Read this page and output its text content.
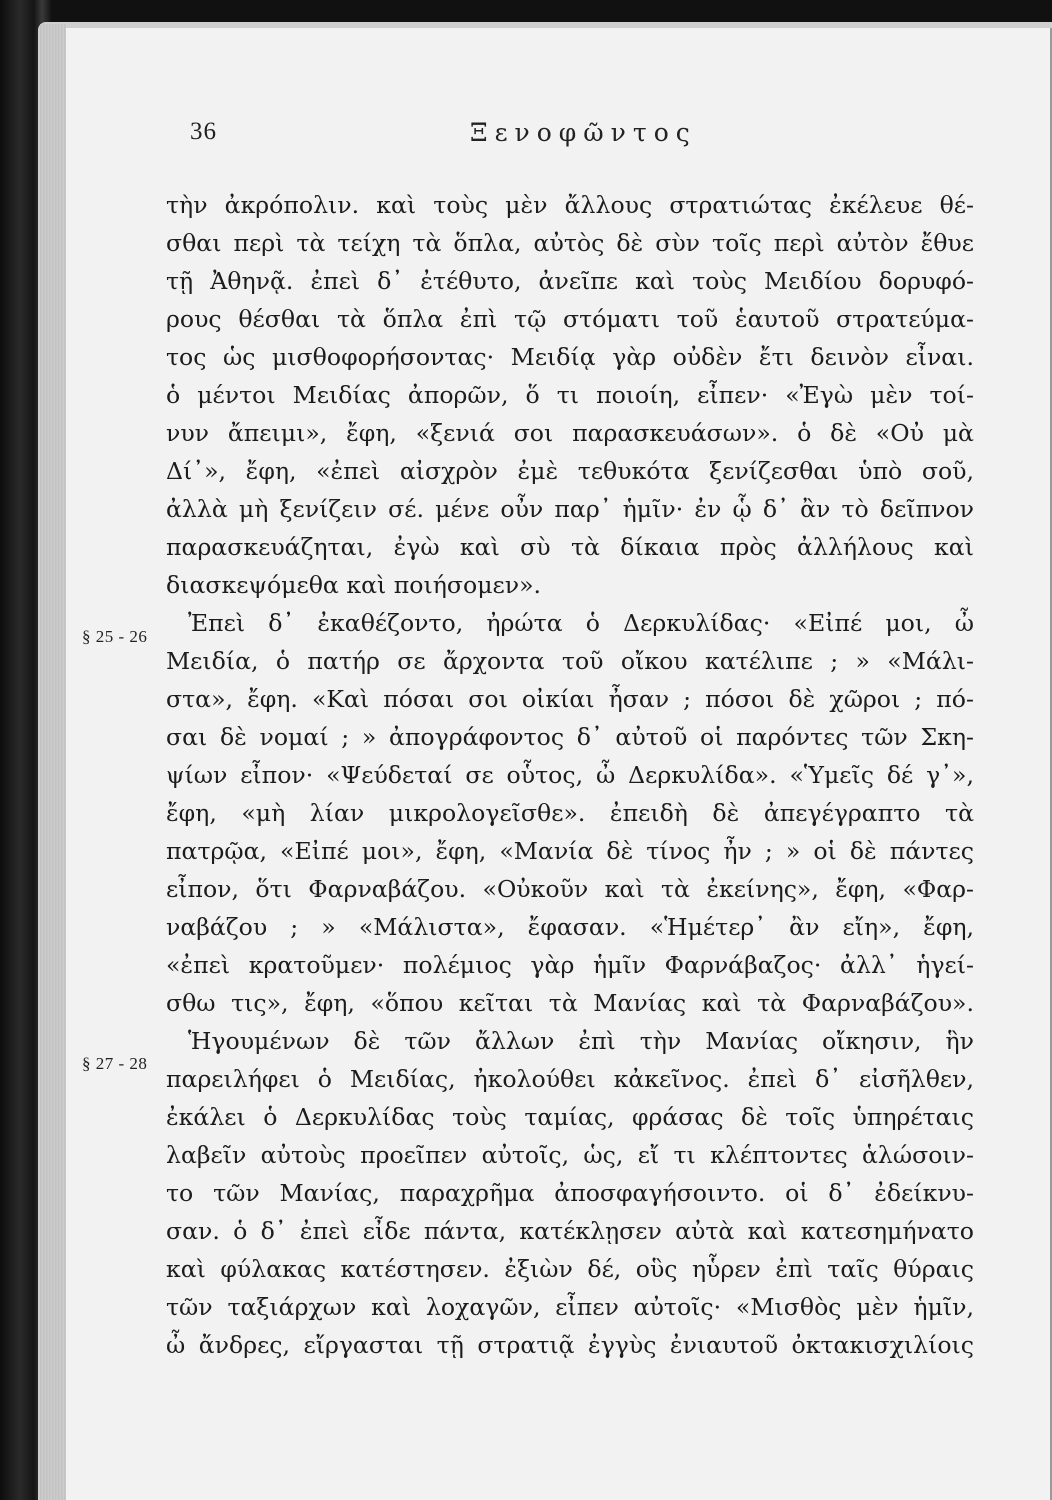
36	Ξενοφῶντος
§ 25 - 26
§ 27 - 28
τὴν ἀκρόπολιν. καὶ τοὺς μὲν ἄλλους στρατιώτας ἐκέλευε θέ-
σθαι περὶ τὰ τείχη τὰ ὅπλα, αὐτὸς δὲ σὺν τοῖς περὶ αὐτὸν ἔθυε
τῇ Ἀθηνᾷ. ἐπεὶ δ᾽ ἐτέθυτο, ἀνεῖπε καὶ τοὺς Μειδίου δορυφό-
ρους θέσθαι τὰ ὅπλα ἐπὶ τῷ στόματι τοῦ ἑαυτοῦ στρατεύμα-
τος ὡς μισθοφορήσοντας· Μειδίᾳ γὰρ οὐδὲν ἔτι δεινὸν εἶναι.
ὁ μέντοι Μειδίας ἀπορῶν, ὅ τι ποιοίη, εἶπεν· «Ἐγὼ μὲν τοί-
νυν ἄπειμι», ἔφη, «ξενιά σοι παρασκευάσων». ὁ δὲ «Οὐ μὰ
Δί᾽», ἔφη, «ἐπεὶ αἰσχρὸν ἐμὲ τεθυκότα ξενίζεσθαι ὑπὸ σοῦ,
ἀλλὰ μὴ ξενίζειν σέ. μένε οὖν παρ᾽ ἡμῖν· ἐν ᾧ δ᾽ ἂν τὸ δεῖπνον
παρασκευάζηται, ἐγὼ καὶ σὺ τὰ δίκαια πρὸς ἀλλήλους καὶ
διασκεψόμεθα καὶ ποιήσομεν».
Ἐπεὶ δ᾽ ἐκαθέζοντο, ἠρώτα ὁ Δερκυλίδας· «Εἰπέ μοι, ὦ
Μειδία, ὁ πατήρ σε ἄρχοντα τοῦ οἴκου κατέλιπε ; » «Μάλι-
στα», ἔφη. «Καὶ πόσαι σοι οἰκίαι ἦσαν ; πόσοι δὲ χῶροι ; πό-
σαι δὲ νομαί ; » ἀπογράφοντος δ᾽ αὐτοῦ οἱ παρόντες τῶν Σκη-
ψίων εἶπον· «Ψεύδεταί σε οὗτος, ὦ Δερκυλίδα». «Ὑμεῖς δέ γ᾽»,
ἔφη, «μὴ λίαν μικρολογεῖσθε». ἐπειδὴ δὲ ἀπεγέγραπτο τὰ
πατρῷα, «Εἰπέ μοι», ἔφη, «Μανία δὲ τίνος ἦν ; » οἱ δὲ πάντες
εἶπον, ὅτι Φαρναβάζου. «Οὐκοῦν καὶ τὰ ἐκείνης», ἔφη, «Φαρ-
ναβάζου ; » «Μάλιστα», ἔφασαν. «Ἡμέτερ᾽ ἂν εἴη», ἔφη,
«ἐπεὶ κρατοῦμεν· πολέμιος γὰρ ἡμῖν Φαρνάβαζος· ἀλλ᾽ ἡγεί-
σθω τις», ἔφη, «ὅπου κεῖται τὰ Μανίας καὶ τὰ Φαρναβάζου».
Ἡγουμένων δὲ τῶν ἄλλων ἐπὶ τὴν Μανίας οἴκησιν, ἣν
παρειλήφει ὁ Μειδίας, ἠκολούθει κἀκεῖνος. ἐπεὶ δ᾽ εἰσῆλθεν,
ἐκάλει ὁ Δερκυλίδας τοὺς ταμίας, φράσας δὲ τοῖς ὑπηρέταις
λαβεῖν αὐτοὺς προεῖπεν αὐτοῖς, ὡς, εἴ τι κλέπτοντες ἁλώσοιν-
το τῶν Μανίας, παραχρῆμα ἀποσφαγήσοιντο. οἱ δ᾽ ἐδείκνυ-
σαν. ὁ δ᾽ ἐπεὶ εἶδε πάντα, κατέκλῃσεν αὐτὰ καὶ κατεσημήνατο
καὶ φύλακας κατέστησεν. ἐξιὼν δέ, οὓς ηὗρεν ἐπὶ ταῖς θύραις
τῶν ταξιάρχων καὶ λοχαγῶν, εἶπεν αὐτοῖς· «Μισθὸς μὲν ἡμῖν,
ὦ ἄνδρες, εἴργασται τῇ στρατιᾷ ἐγγὺς ἐνιαυτοῦ ὀκτακισχιλίοις
